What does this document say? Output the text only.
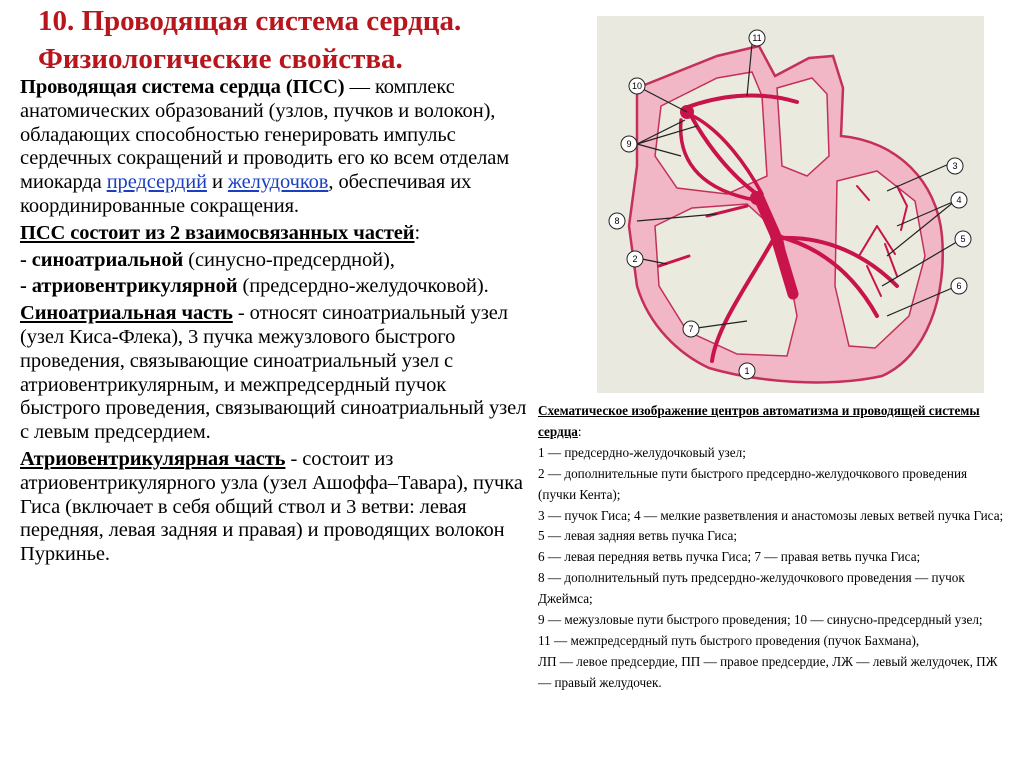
10. Проводящая система сердца.
Физиологические свойства.

Проводящая система сердца (ПСС) — комплекс анатомических образований (узлов, пучков и волокон), обладающих способностью генерировать импульс сердечных сокращений и проводить его ко всем отделам миокарда предсердий и желудочков, обеспечивая их координированные сокращения.

ПСС состоит из 2 взаимосвязанных частей:

- синоатриальной (синусно-предсердной),

- атриовентрикулярной (предсердно-желудочковой).

Синоатриальная часть - относят синоатриальный узел (узел Киса-Флека), 3 пучка межузлового быстрого проведения, связывающие синоатриальный узел с атриовентрикулярным, и межпредсердный пучок быстрого проведения, связывающий синоатриальный узел с левым предсердием.

Атриовентрикулярная часть - состоит из атриовентрикулярного узла (узел Ашоффа–Тавара), пучка Гиса (включает в себя общий ствол и 3 ветви: левая передняя, левая задняя и правая) и проводящих волокон Пуркинье.

10
9
11
8
2
3
4
5
6
7
1
Схематическое изображение центров автоматизма и проводящей системы сердца:
1 — предсердно-желудочковый узел;
2 — дополнительные пути быстрого предсердно-желудочкового проведения (пучки Кента);
3 — пучок Гиса; 4 — мелкие разветвления и анастомозы левых ветвей пучка Гиса; 5 — левая задняя ветвь пучка Гиса;
6 — левая передняя ветвь пучка Гиса; 7 — правая ветвь пучка Гиса;
8 — дополнительный путь предсердно-желудочкового проведения — пучок Джеймса;
9 — межузловые пути быстрого проведения; 10 — синусно-предсердный узел;
11 — межпредсердный путь быстрого проведения (пучок Бахмана),
ЛП — левое предсердие, ПП — правое предсердие, ЛЖ — левый желудочек, ПЖ — правый желудочек.
